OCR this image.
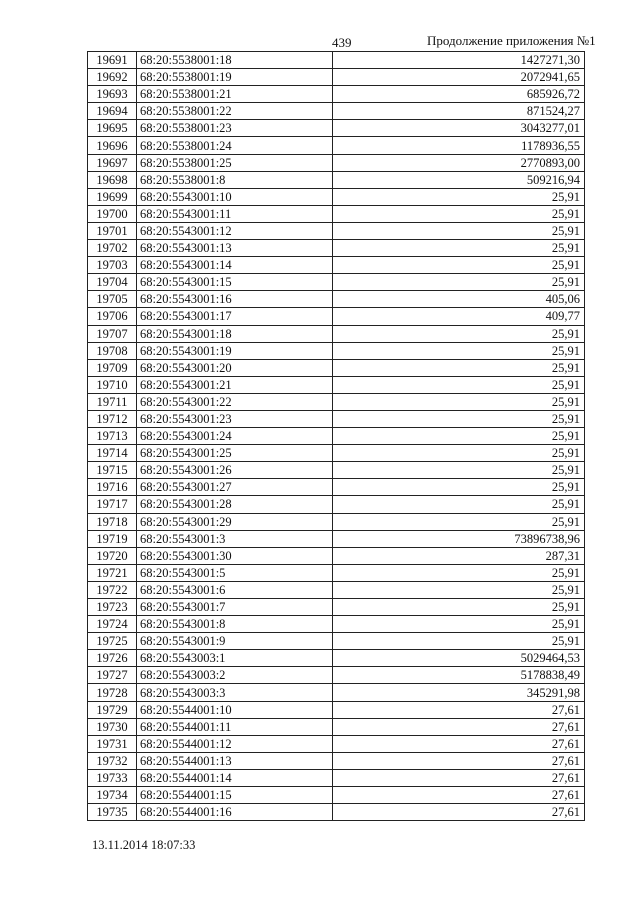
439	Продолжение приложения №1
19691	68:20:5538001:18	1427271,30
19692	68:20:5538001:19	2072941,65
19693	68:20:5538001:21	685926,72
19694	68:20:5538001:22	871524,27
19695	68:20:5538001:23	3043277,01
19696	68:20:5538001:24	1178936,55
19697	68:20:5538001:25	2770893,00
19698	68:20:5538001:8	509216,94
19699	68:20:5543001:10	25,91
19700	68:20:5543001:11	25,91
19701	68:20:5543001:12	25,91
19702	68:20:5543001:13	25,91
19703	68:20:5543001:14	25,91
19704	68:20:5543001:15	25,91
19705	68:20:5543001:16	405,06
19706	68:20:5543001:17	409,77
19707	68:20:5543001:18	25,91
19708	68:20:5543001:19	25,91
19709	68:20:5543001:20	25,91
19710	68:20:5543001:21	25,91
19711	68:20:5543001:22	25,91
19712	68:20:5543001:23	25,91
19713	68:20:5543001:24	25,91
19714	68:20:5543001:25	25,91
19715	68:20:5543001:26	25,91
19716	68:20:5543001:27	25,91
19717	68:20:5543001:28	25,91
19718	68:20:5543001:29	25,91
19719	68:20:5543001:3	73896738,96
19720	68:20:5543001:30	287,31
19721	68:20:5543001:5	25,91
19722	68:20:5543001:6	25,91
19723	68:20:5543001:7	25,91
19724	68:20:5543001:8	25,91
19725	68:20:5543001:9	25,91
19726	68:20:5543003:1	5029464,53
19727	68:20:5543003:2	5178838,49
19728	68:20:5543003:3	345291,98
19729	68:20:5544001:10	27,61
19730	68:20:5544001:11	27,61
19731	68:20:5544001:12	27,61
19732	68:20:5544001:13	27,61
19733	68:20:5544001:14	27,61
19734	68:20:5544001:15	27,61
19735	68:20:5544001:16	27,61
13.11.2014 18:07:33
